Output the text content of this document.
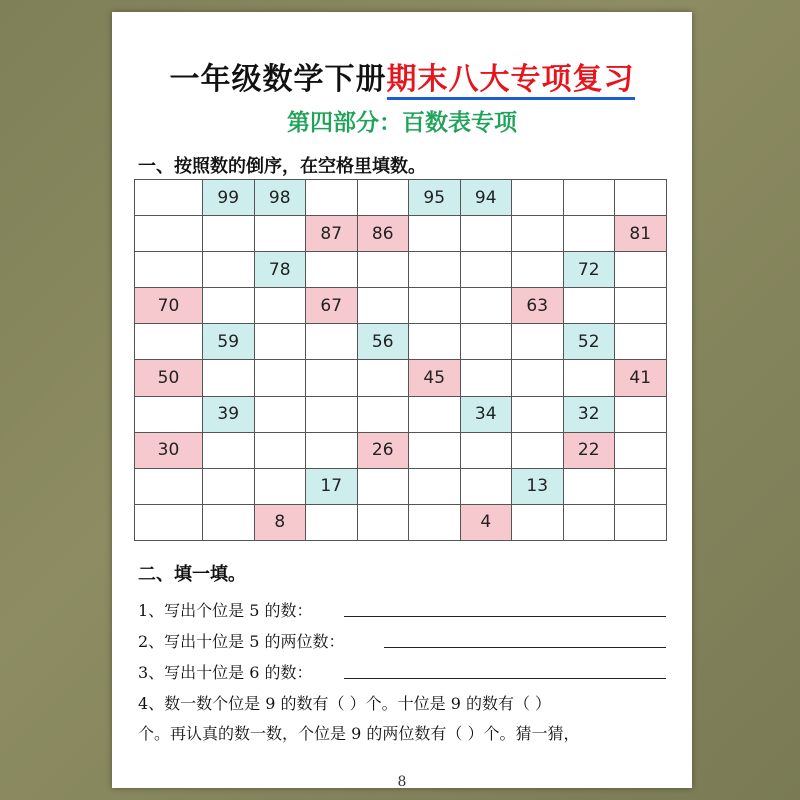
一年级数学下册期末八大专项复习
第四部分：百数表专项
一、按照数的倒序，在空格里填数。
	99	98			95	94			
			87	86					81
		78						72	
70			67				63		
	59			56				52	
50					45				41
	39					34		32	
30				26				22	
			17				13		
		8				4			
二、填一填。
1、写出个位是 5 的数：
2、写出十位是 5 的两位数：
3、写出十位是 6 的数：
4、数一数个位是 9 的数有（ ）个。十位是 9 的数有（ ）
个。再认真的数一数，个位是 9 的两位数有（ ）个。猜一猜，
8
